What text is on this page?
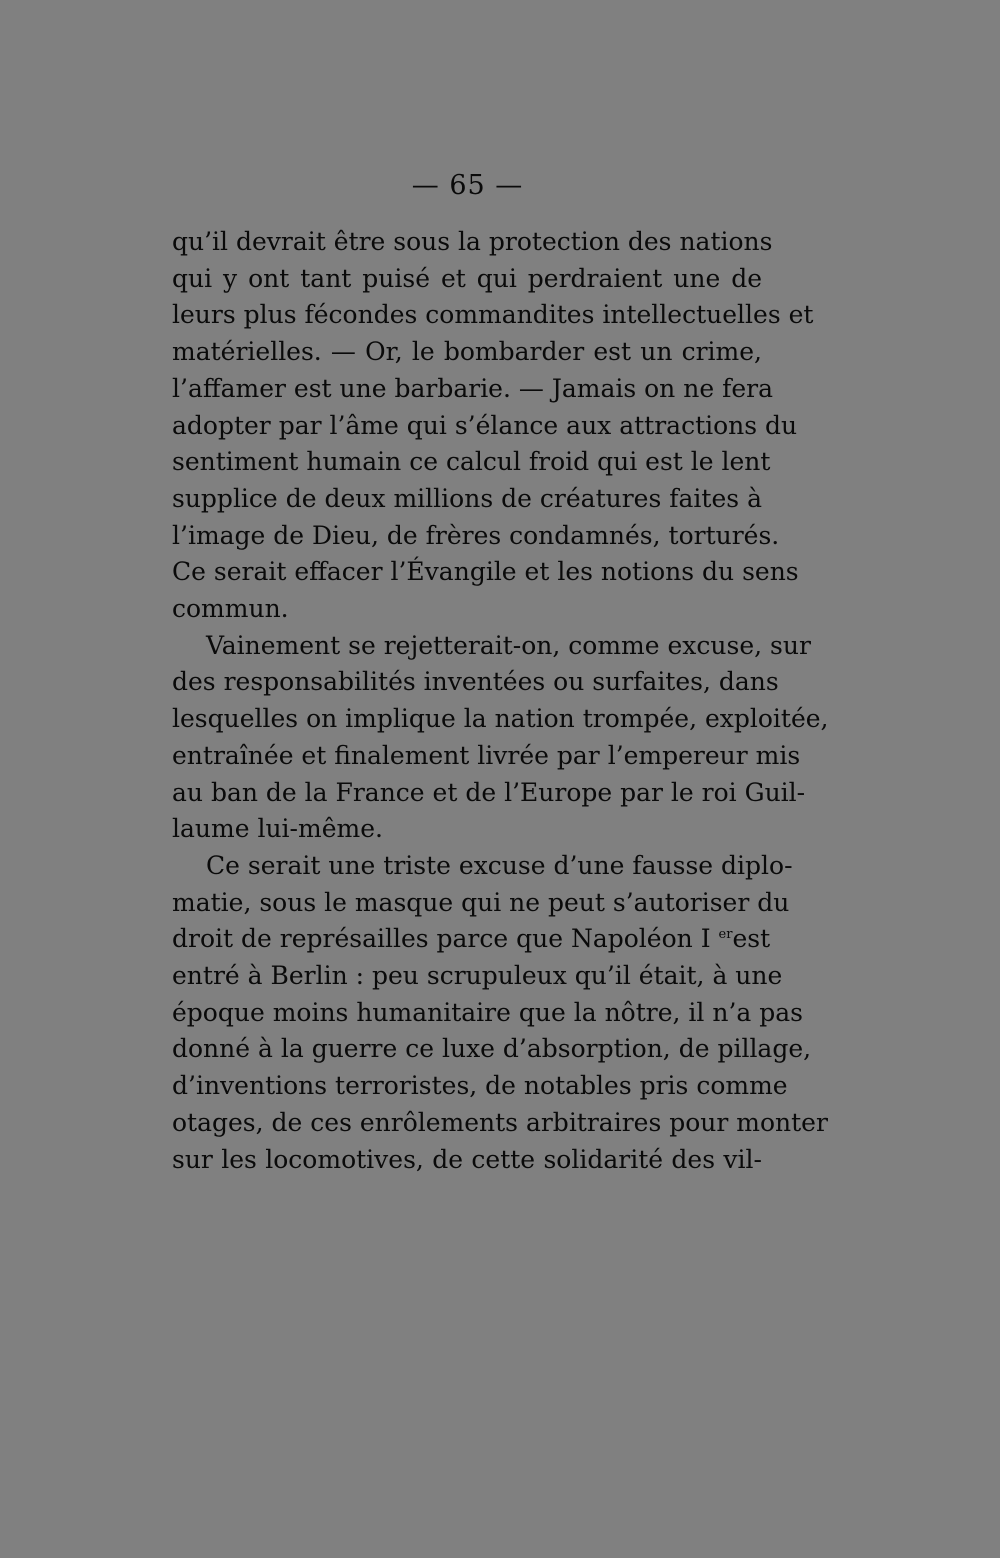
— 65 —
qu’il devrait être sous la protection des nations
qui y ont tant puisé et qui perdraient une de
leurs plus fécondes commandites intellectuelles et
matérielles. — Or, le bombarder est un crime,
l’affamer est une barbarie. — Jamais on ne fera
adopter par l’âme qui s’élance aux attractions du
sentiment humain ce calcul froid qui est le lent
supplice de deux millions de créatures faites à
l’image de Dieu, de frères condamnés, torturés.
Ce serait effacer l’Évangile et les notions du sens
commun.
Vainement se rejetterait-on, comme excuse, sur
des responsabilités inventées ou surfaites, dans
lesquelles on implique la nation trompée, exploitée,
entraînée et finalement livrée par l’empereur mis
au ban de la France et de l’Europe par le roi Guil-
laume lui-même.
Ce serait une triste excuse d’une fausse diplo-
matie, sous le masque qui ne peut s’autoriser du
droit de représailles parce que Napoléon I $^{er}$est
entré à Berlin : peu scrupuleux qu’il était, à une
époque moins humanitaire que la nôtre, il n’a pas
donné à la guerre ce luxe d’absorption, de pillage,
d’inventions terroristes, de notables pris comme
otages, de ces enrôlements arbitraires pour monter
sur les locomotives, de cette solidarité des vil-
